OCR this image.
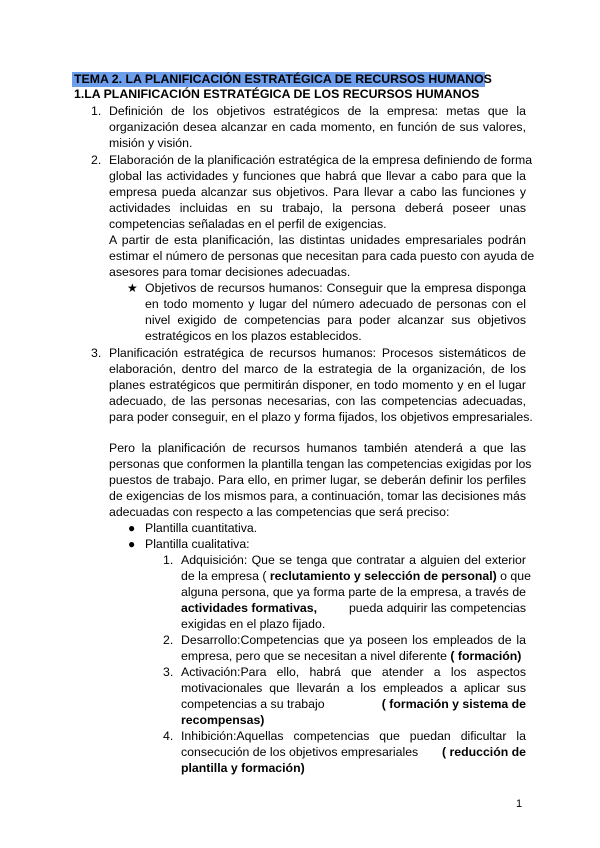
TEMA 2. LA PLANIFICACIÓN ESTRATÉGICA DE RECURSOS HUMANOS
1.LA PLANIFICACIÓN ESTRATÉGICA DE LOS RECURSOS HUMANOS
1. Definición de los objetivos estratégicos de la empresa: metas que la
organización desea alcanzar en cada momento, en función de sus valores,
misión y visión.
2. Elaboración de la planificación estratégica de la empresa definiendo de forma
global las actividades y funciones que habrá que llevar a cabo para que la
empresa pueda alcanzar sus objetivos. Para llevar a cabo las funciones y
actividades incluidas en su trabajo, la persona deberá poseer unas
competencias señaladas en el perfil de exigencias.
A partir de esta planificación, las distintas unidades empresariales podrán
estimar el número de personas que necesitan para cada puesto con ayuda de
asesores para tomar decisiones adecuadas.
★ Objetivos de recursos humanos: Conseguir que la empresa disponga
en todo momento y lugar del número adecuado de personas con el
nivel exigido de competencias para poder alcanzar sus objetivos
estratégicos en los plazos establecidos.
3. Planificación estratégica de recursos humanos: Procesos sistemáticos de
elaboración, dentro del marco de la estrategia de la organización, de los
planes estratégicos que permitirán disponer, en todo momento y en el lugar
adecuado, de las personas necesarias, con las competencias adecuadas,
para poder conseguir, en el plazo y forma fijados, los objetivos empresariales.
Pero la planificación de recursos humanos también atenderá a que las
personas que conformen la plantilla tengan las competencias exigidas por los
puestos de trabajo. Para ello, en primer lugar, se deberán definir los perfiles
de exigencias de los mismos para, a continuación, tomar las decisiones más
adecuadas con respecto a las competencias que será preciso:
● Plantilla cuantitativa.
● Plantilla cualitativa:
1. Adquisición: Que se tenga que contratar a alguien del exterior
de la empresa ( reclutamiento y selección de personal) o que
alguna persona, que ya forma parte de la empresa, a través de
actividades formativas,	pueda adquirir las competencias
exigidas en el plazo fijado.
2. Desarrollo:Competencias que ya poseen los empleados de la
empresa, pero que se necesitan a nivel diferente ( formación)
3. Activación:Para ello, habrá que atender a los aspectos
motivacionales que llevarán a los empleados a aplicar sus
competencias a su trabajo	( formación y sistema de
recompensas)
4. Inhibición:Aquellas competencias que puedan dificultar la
consecución de los objetivos empresariales ( reducción de
plantilla y formación)
1
